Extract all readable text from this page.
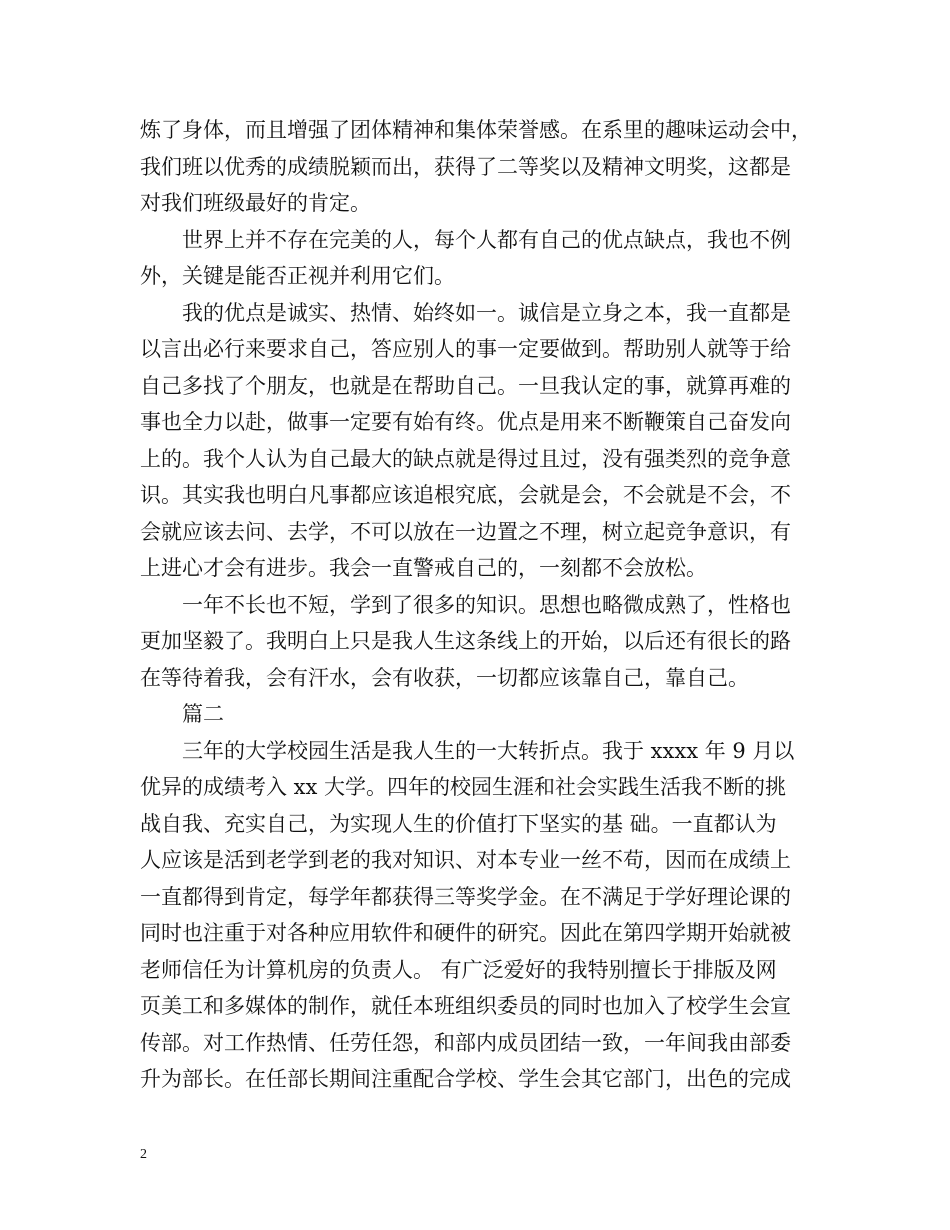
炼了身体，而且增强了团体精神和集体荣誉感。在系里的趣味运动会中，
我们班以优秀的成绩脱颖而出，获得了二等奖以及精神文明奖，这都是
对我们班级最好的肯定。
世界上并不存在完美的人，每个人都有自己的优点缺点，我也不例
外，关键是能否正视并利用它们。
我的优点是诚实、热情、始终如一。诚信是立身之本，我一直都是
以言出必行来要求自己，答应别人的事一定要做到。帮助别人就等于给
自己多找了个朋友，也就是在帮助自己。一旦我认定的事，就算再难的
事也全力以赴，做事一定要有始有终。优点是用来不断鞭策自己奋发向
上的。我个人认为自己最大的缺点就是得过且过，没有强类烈的竞争意
识。其实我也明白凡事都应该追根究底，会就是会，不会就是不会，不
会就应该去问、去学，不可以放在一边置之不理，树立起竞争意识，有
上进心才会有进步。我会一直警戒自己的，一刻都不会放松。
一年不长也不短，学到了很多的知识。思想也略微成熟了，性格也
更加坚毅了。我明白上只是我人生这条线上的开始，以后还有很长的路
在等待着我，会有汗水，会有收获，一切都应该靠自己，靠自己。
篇二
三年的大学校园生活是我人生的一大转折点。我于 xxxx 年 9 月以
优异的成绩考入 xx 大学。四年的校园生涯和社会实践生活我不断的挑
战自我、充实自己，为实现人生的价值打下坚实的基 础。一直都认为
人应该是活到老学到老的我对知识、对本专业一丝不苟，因而在成绩上
一直都得到肯定，每学年都获得三等奖学金。在不满足于学好理论课的
同时也注重于对各种应用软件和硬件的研究。因此在第四学期开始就被
老师信任为计算机房的负责人。 有广泛爱好的我特别擅长于排版及网
页美工和多媒体的制作，就任本班组织委员的同时也加入了校学生会宣
传部。对工作热情、任劳任怨，和部内成员团结一致，一年间我由部委
升为部长。在任部长期间注重配合学校、学生会其它部门，出色的完成
2
